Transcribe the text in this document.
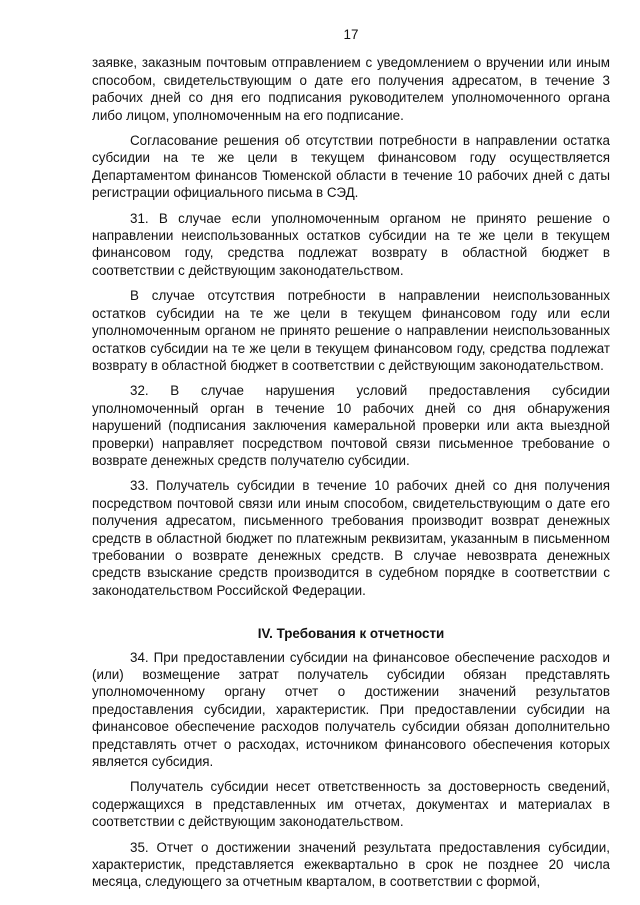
17

заявке, заказным почтовым отправлением с уведомлением о вручении или иным способом, свидетельствующим о дате его получения адресатом, в течение 3 рабочих дней со дня его подписания руководителем уполномоченного органа либо лицом, уполномоченным на его подписание.

Согласование решения об отсутствии потребности в направлении остатка субсидии на те же цели в текущем финансовом году осуществляется Департаментом финансов Тюменской области в течение 10 рабочих дней с даты регистрации официального письма в СЭД.

31. В случае если уполномоченным органом не принято решение о направлении неиспользованных остатков субсидии на те же цели в текущем финансовом году, средства подлежат возврату в областной бюджет в соответствии с действующим законодательством.

В случае отсутствия потребности в направлении неиспользованных остатков субсидии на те же цели в текущем финансовом году или если уполномоченным органом не принято решение о направлении неиспользованных остатков субсидии на те же цели в текущем финансовом году, средства подлежат возврату в областной бюджет в соответствии с действующим законодательством.

32. В случае нарушения условий предоставления субсидии уполномоченный орган в течение 10 рабочих дней со дня обнаружения нарушений (подписания заключения камеральной проверки или акта выездной проверки) направляет посредством почтовой связи письменное требование о возврате денежных средств получателю субсидии.

33. Получатель субсидии в течение 10 рабочих дней со дня получения посредством почтовой связи или иным способом, свидетельствующим о дате его получения адресатом, письменного требования производит возврат денежных средств в областной бюджет по платежным реквизитам, указанным в письменном требовании о возврате денежных средств. В случае невозврата денежных средств взыскание средств производится в судебном порядке в соответствии с законодательством Российской Федерации.

IV. Требования к отчетности

34. При предоставлении субсидии на финансовое обеспечение расходов и (или) возмещение затрат получатель субсидии обязан представлять уполномоченному органу отчет о достижении значений результатов предоставления субсидии, характеристик. При предоставлении субсидии на финансовое обеспечение расходов получатель субсидии обязан дополнительно представлять отчет о расходах, источником финансового обеспечения которых является субсидия.

Получатель субсидии несет ответственность за достоверность сведений, содержащихся в представленных им отчетах, документах и материалах в соответствии с действующим законодательством.

35. Отчет о достижении значений результата предоставления субсидии, характеристик, представляется ежеквартально в срок не позднее 20 числа месяца, следующего за отчетным кварталом, в соответствии с формой,
